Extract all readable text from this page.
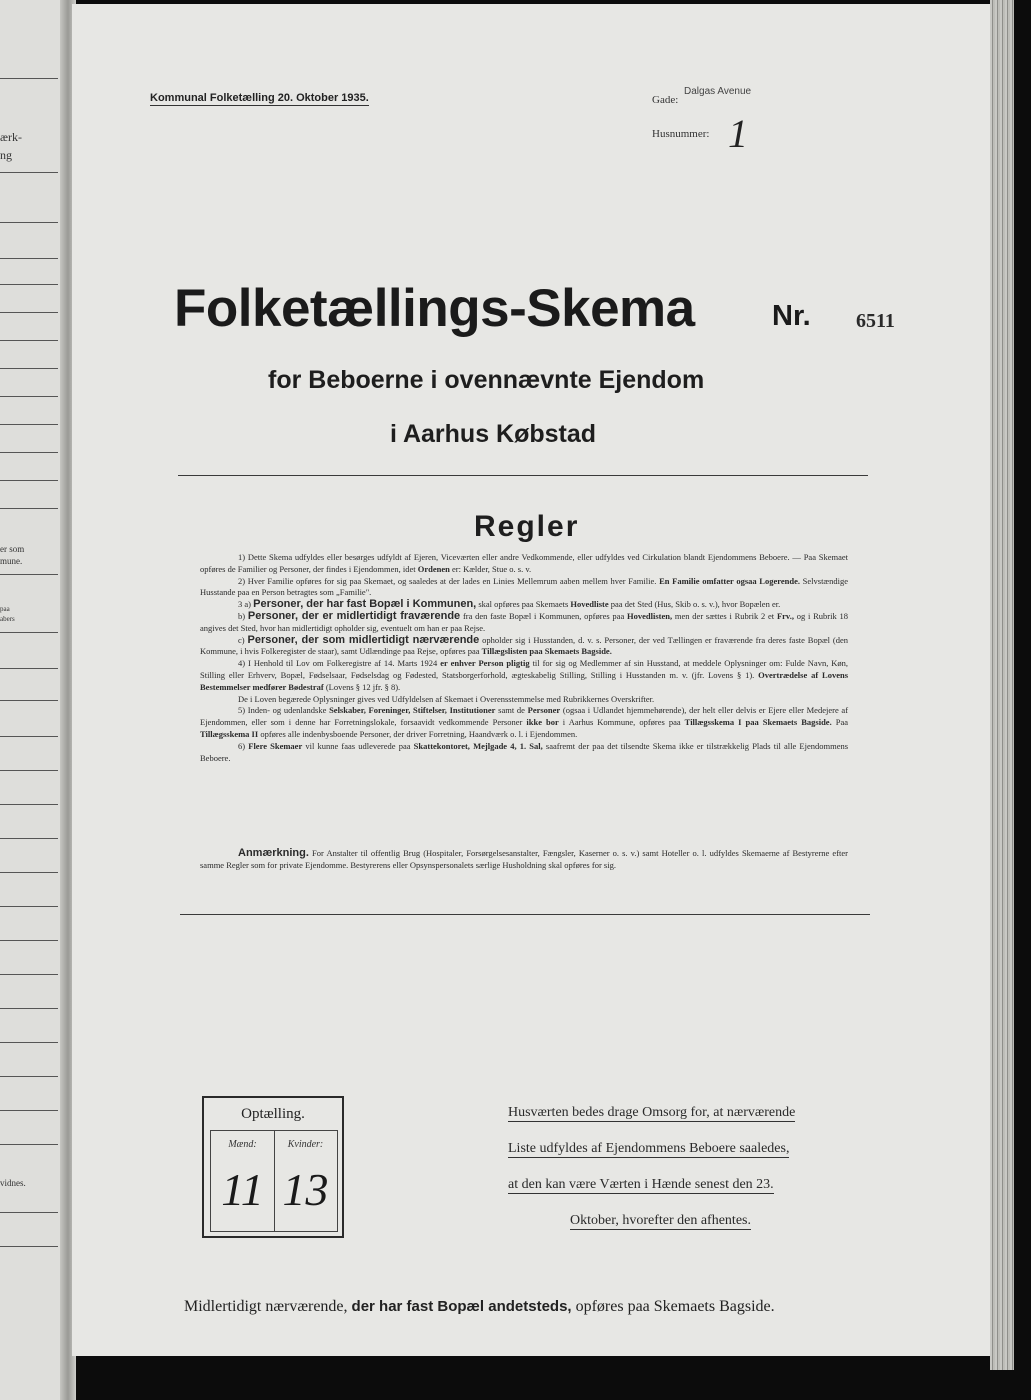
ærk-
ng
er som
mune.
paa
abers
vidnes.
Kommunal Folketælling 20. Oktober 1935.	Gade:
Dalgas Avenue
Husnummer: 1
Folketællings-Skema	Nr. 6511
for Beboerne i ovennævnte Ejendom
i Aarhus Købstad
Regler

1) Dette Skema udfyldes eller besørges udfyldt af Ejeren, Viceværten eller andre Vedkommende, eller udfyldes ved Cirkulation blandt Ejendommens Beboere. — Paa Skemaet opføres de Familier og Personer, der findes i Ejendommen, idet Ordenen er: Kælder, Stue o. s. v.

2) Hver Familie opføres for sig paa Skemaet, og saaledes at der lades en Linies Mellemrum aaben mellem hver Familie. En Familie omfatter ogsaa Logerende. Selvstændige Husstande paa en Person betragtes som „Familie".

3 a) Personer, der har fast Bopæl i Kommunen, skal opføres paa Skemaets Hovedliste paa det Sted (Hus, Skib o. s. v.), hvor Bopælen er.

b) Personer, der er midlertidigt fraværende fra den faste Bopæl i Kommunen, opføres paa Hovedlisten, men der sættes i Rubrik 2 et Frv., og i Rubrik 18 angives det Sted, hvor han midlertidigt opholder sig, eventuelt om han er paa Rejse.

c) Personer, der som midlertidigt nærværende opholder sig i Husstanden, d. v. s. Personer, der ved Tællingen er fraværende fra deres faste Bopæl (den Kommune, i hvis Folkeregister de staar), samt Udlændinge paa Rejse, opføres paa Tillægslisten paa Skemaets Bagside.

4) I Henhold til Lov om Folkeregistre af 14. Marts 1924 er enhver Person pligtig til for sig og Medlemmer af sin Husstand, at meddele Oplysninger om: Fulde Navn, Køn, Stilling eller Erhverv, Bopæl, Fødselsaar, Fødselsdag og Fødested, Statsborgerforhold, ægteskabelig Stilling, Stilling i Husstanden m. v. (jfr. Lovens § 1). Overtrædelse af Lovens Bestemmelser medfører Bødestraf (Lovens § 12 jfr. § 8).

De i Loven begærede Oplysninger gives ved Udfyldelsen af Skemaet i Overensstemmelse med Rubrikkernes Overskrifter.

5) Inden- og udenlandske Selskaber, Foreninger, Stiftelser, Institutioner samt de Personer (ogsaa i Udlandet hjemmehørende), der helt eller delvis er Ejere eller Medejere af Ejendommen, eller som i denne har Forretningslokale, forsaavidt vedkommende Personer ikke bor i Aarhus Kommune, opføres paa Tillægsskema I paa Skemaets Bagside. Paa Tillægsskema II opføres alle indenbysboende Personer, der driver Forretning, Haandværk o. l. i Ejendommen.

6) Flere Skemaer vil kunne faas udleverede paa Skattekontoret, Mejlgade 4, 1. Sal, saafremt der paa det tilsendte Skema ikke er tilstrækkelig Plads til alle Ejendommens Beboere.

Anmærkning. For Anstalter til offentlig Brug (Hospitaler, Forsørgelsesanstalter, Fængsler, Kaserner o. s. v.) samt Hoteller o. l. udfyldes Skemaerne af Bestyrerne efter samme Regler som for private Ejendomme. Bestyrerens eller Opsynspersonalets særlige Husholdning skal opføres for sig.
Optælling.
Mænd:	Kvinder:
11 13
Husværten bedes drage Omsorg for, at nærværende
Liste udfyldes af Ejendommens Beboere saaledes,
at den kan være Værten i Hænde senest den 23.
Oktober, hvorefter den afhentes.
Midlertidigt nærværende, der har fast Bopæl andetsteds, opføres paa Skemaets Bagside.
